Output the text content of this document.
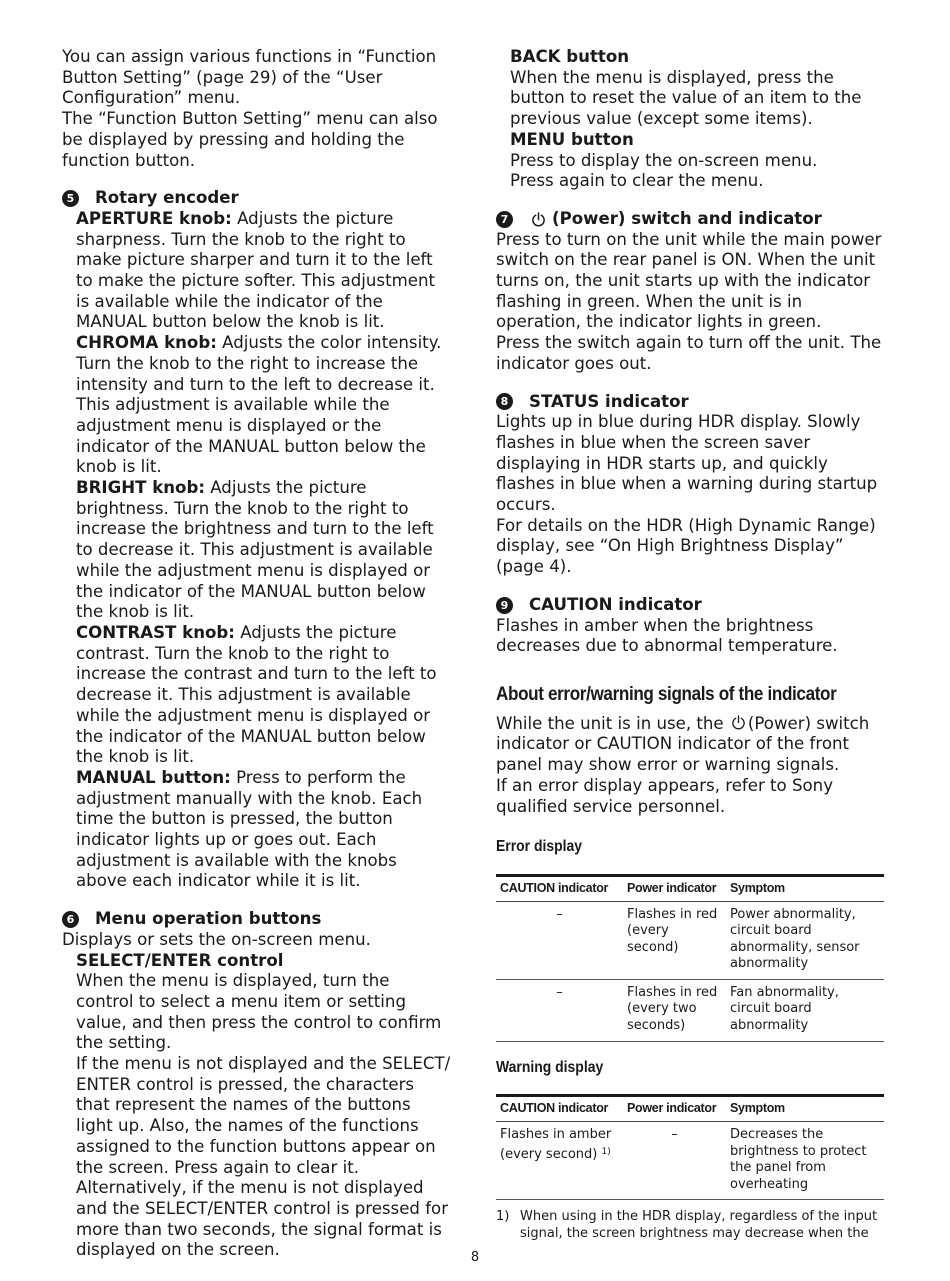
You can assign various functions in “Function Button Setting” (page 29) of the “User Configuration” menu.

The “Function Button Setting” menu can also be displayed by pressing and holding the function button.

5 Rotary encoder

APERTURE knob: Adjusts the picture sharpness. Turn the knob to the right to make picture sharper and turn it to the left to make the picture softer. This adjustment is available while the indicator of the MANUAL button below the knob is lit.

CHROMA knob: Adjusts the color intensity. Turn the knob to the right to increase the intensity and turn to the left to decrease it. This adjustment is available while the adjustment menu is displayed or the indicator of the MANUAL button below the knob is lit.

BRIGHT knob: Adjusts the picture brightness. Turn the knob to the right to increase the brightness and turn to the left to decrease it. This adjustment is available while the adjustment menu is displayed or the indicator of the MANUAL button below the knob is lit.

CONTRAST knob: Adjusts the picture contrast. Turn the knob to the right to increase the contrast and turn to the left to decrease it. This adjustment is available while the adjustment menu is displayed or the indicator of the MANUAL button below the knob is lit.

MANUAL button: Press to perform the adjustment manually with the knob. Each time the button is pressed, the button indicator lights up or goes out. Each adjustment is available with the knobs above each indicator while it is lit.

6 Menu operation buttons

Displays or sets the on-screen menu.

SELECT/ENTER control

When the menu is displayed, turn the control to select a menu item or setting value, and then press the control to confirm the setting.

If the menu is not displayed and the SELECT/ ENTER control is pressed, the characters that represent the names of the buttons light up. Also, the names of the functions assigned to the function buttons appear on the screen. Press again to clear it.

Alternatively, if the menu is not displayed and the SELECT/ENTER control is pressed for more than two seconds, the signal format is displayed on the screen.

BACK button

When the menu is displayed, press the button to reset the value of an item to the previous value (except some items).

MENU button

Press to display the on-screen menu.

Press again to clear the menu.

7	(Power) switch and indicator

Press to turn on the unit while the main power switch on the rear panel is ON. When the unit turns on, the unit starts up with the indicator flashing in green. When the unit is in operation, the indicator lights in green.

Press the switch again to turn off the unit. The indicator goes out.

8 STATUS indicator

Lights up in blue during HDR display. Slowly flashes in blue when the screen saver displaying in HDR starts up, and quickly flashes in blue when a warning during startup occurs.

For details on the HDR (High Dynamic Range) display, see “On High Brightness Display” (page 4).

9 CAUTION indicator

Flashes in amber when the brightness decreases due to abnormal temperature.

About error/warning signals of the indicator

While the unit is in use, the (Power) switch indicator or CAUTION indicator of the front panel may show error or warning signals.

If an error display appears, refer to Sony qualified service personnel.

Error display
CAUTION indicator	Power indicator	Symptom
–	Flashes in red (every second)	Power abnormality, circuit board abnormality, sensor abnormality
–	Flashes in red (every two seconds)	Fan abnormality, circuit board abnormality
Warning display
CAUTION indicator	Power indicator	Symptom
Flashes in amber (every second) $^{1)}$	–	Decreases the brightness to protect the panel from overheating
1) When using in the HDR display, regardless of the input signal, the screen brightness may decrease when the
8
